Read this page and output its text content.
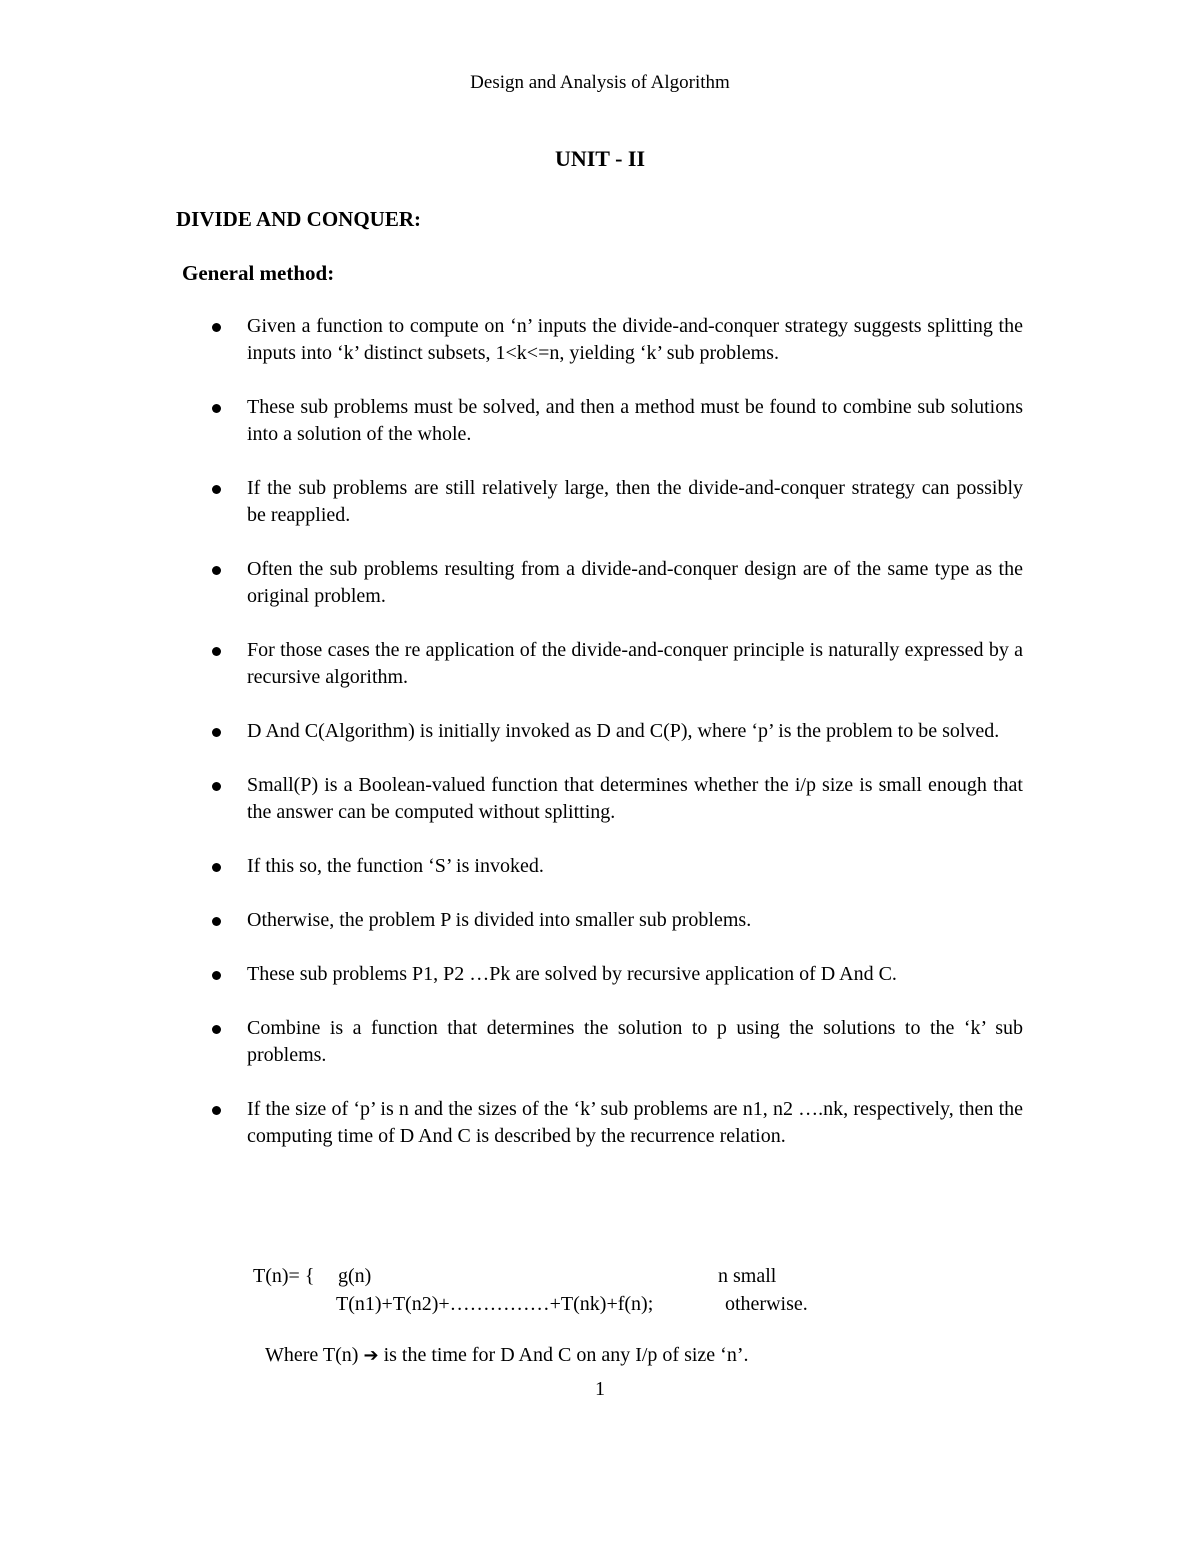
Design and Analysis of Algorithm
UNIT - II
DIVIDE AND CONQUER:
General method:
Given a function to compute on ‘n’ inputs the divide-and-conquer strategy suggests splitting the inputs into ‘k’ distinct subsets, 1<k<=n, yielding ‘k’ sub problems.
These sub problems must be solved, and then a method must be found to combine sub solutions into a solution of the whole.
If the sub problems are still relatively large, then the divide-and-conquer strategy can possibly be reapplied.
Often the sub problems resulting from a divide-and-conquer design are of the same type as the original problem.
For those cases the re application of the divide-and-conquer principle is naturally expressed by a recursive algorithm.
D And C(Algorithm) is initially invoked as D and C(P), where ‘p’ is the problem to be solved.
Small(P) is a Boolean-valued function that determines whether the i/p size is small enough that the answer can be computed without splitting.
If this so, the function ‘S’ is invoked.
Otherwise, the problem P is divided into smaller sub problems.
These sub problems P1, P2 …Pk are solved by recursive application of D And C.
Combine is a function that determines the solution to p using the solutions to the ‘k’ sub problems.
If the size of ‘p’ is n and the sizes of the ‘k’ sub problems are n1, n2 ….nk, respectively, then the computing time of D And C is described by the recurrence relation.
T(n)= { g(n)	n small
T(n1)+T(n2)+……………+T(nk)+f(n);	otherwise.
Where T(n) ➔ is the time for D And C on any I/p of size ‘n’.
1
